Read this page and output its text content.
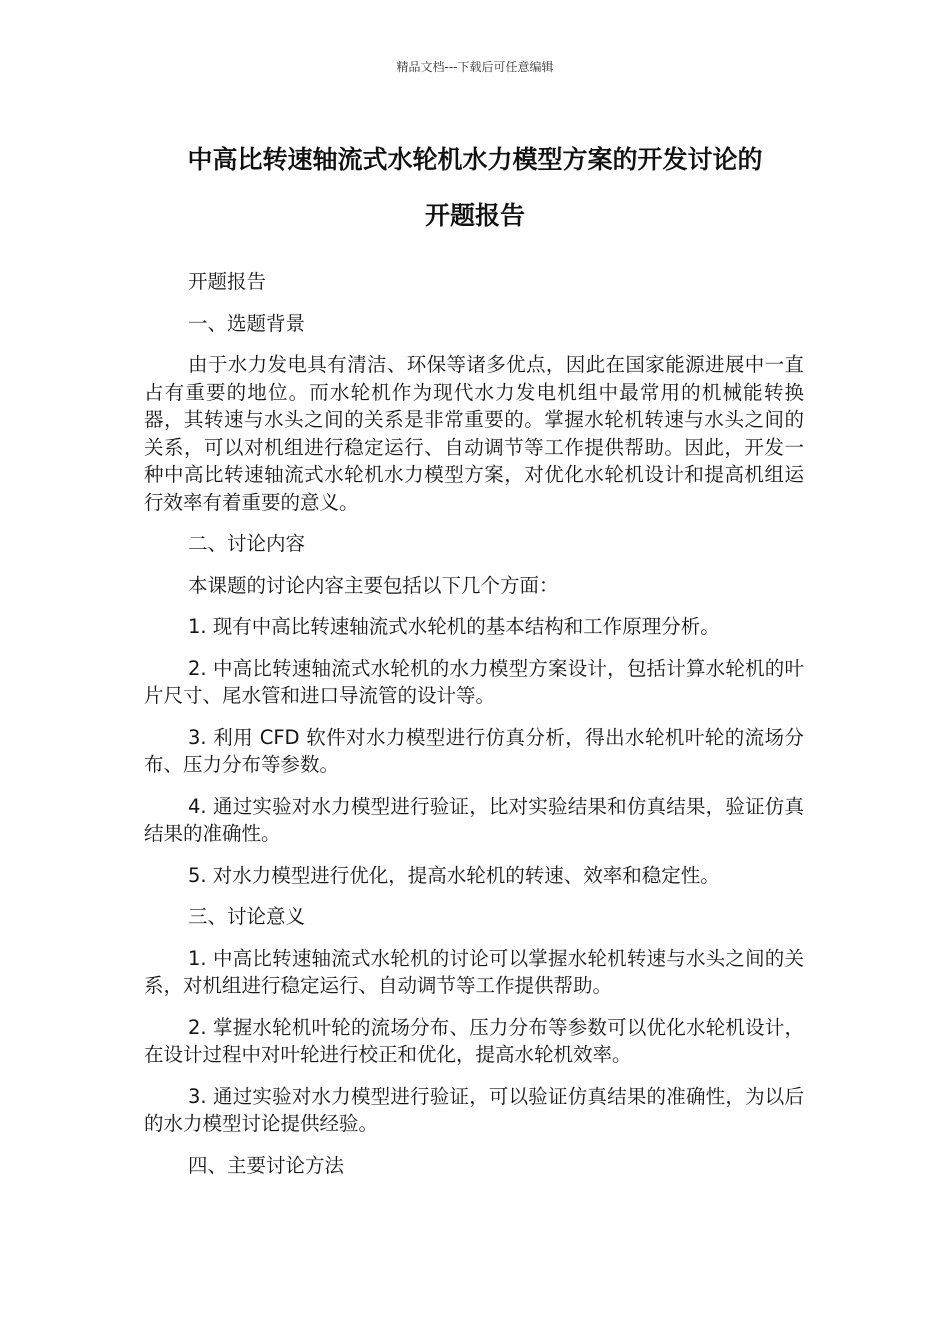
精品文档---下载后可任意编辑
中高比转速轴流式水轮机水力模型方案的开发讨论的
开题报告

开题报告

一、选题背景

由于水力发电具有清洁、环保等诸多优点，因此在国家能源进展中一直占有重要的地位。而水轮机作为现代水力发电机组中最常用的机械能转换器，其转速与水头之间的关系是非常重要的。掌握水轮机转速与水头之间的关系，可以对机组进行稳定运行、自动调节等工作提供帮助。因此，开发一种中高比转速轴流式水轮机水力模型方案，对优化水轮机设计和提高机组运行效率有着重要的意义。

二、讨论内容

本课题的讨论内容主要包括以下几个方面：

1. 现有中高比转速轴流式水轮机的基本结构和工作原理分析。

2. 中高比转速轴流式水轮机的水力模型方案设计，包括计算水轮机的叶片尺寸、尾水管和进口导流管的设计等。

3. 利用 CFD 软件对水力模型进行仿真分析，得出水轮机叶轮的流场分布、压力分布等参数。

4. 通过实验对水力模型进行验证，比对实验结果和仿真结果，验证仿真结果的准确性。

5. 对水力模型进行优化，提高水轮机的转速、效率和稳定性。

三、讨论意义

1. 中高比转速轴流式水轮机的讨论可以掌握水轮机转速与水头之间的关系，对机组进行稳定运行、自动调节等工作提供帮助。

2. 掌握水轮机叶轮的流场分布、压力分布等参数可以优化水轮机设计，在设计过程中对叶轮进行校正和优化，提高水轮机效率。

3. 通过实验对水力模型进行验证，可以验证仿真结果的准确性，为以后的水力模型讨论提供经验。

四、主要讨论方法
